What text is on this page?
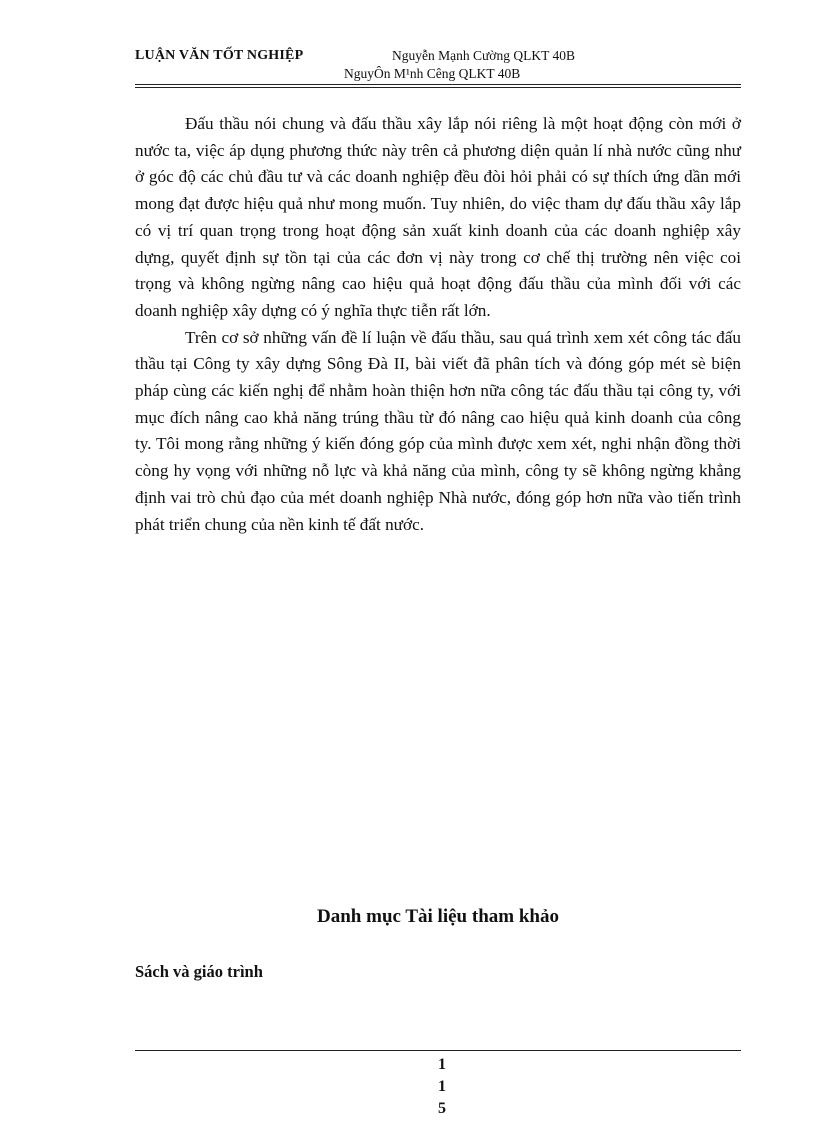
LUẬN VĂN TỐT NGHIỆP	Nguyễn Mạnh Cường QLKT 40B
NguyÔn M¹nh Cêng QLKT 40B

Đấu thầu nói chung và đấu thầu xây lắp nói riêng là một hoạt động còn mới ở nước ta, việc áp dụng phương thức này trên cả phương diện quản lí nhà nước cũng như ở góc độ các chủ đầu tư và các doanh nghiệp đều đòi hỏi phải có sự thích ứng dần mới mong đạt được hiệu quả như mong muốn. Tuy nhiên, do việc tham dự đấu thầu xây lắp có vị trí quan trọng trong hoạt động sản xuất kinh doanh của các doanh nghiệp xây dựng, quyết định sự tồn tại của các đơn vị này trong cơ chế thị trường nên việc coi trọng và không ngừng nâng cao hiệu quả hoạt động đấu thầu của mình đối với các doanh nghiệp xây dựng có ý nghĩa thực tiễn rất lớn.

Trên cơ sở những vấn đề lí luận về đấu thầu, sau quá trình xem xét công tác đấu thầu tại Công ty xây dựng Sông Đà II, bài viết đã phân tích và đóng góp mét sè biện pháp cùng các kiến nghị để nhằm hoàn thiện hơn nữa công tác đấu thầu tại công ty, với mục đích nâng cao khả năng trúng thầu từ đó nâng cao hiệu quả kinh doanh của công ty. Tôi mong rằng những ý kiến đóng góp của mình được xem xét, nghi nhận đồng thời còng hy vọng với những nỗ lực và khả năng của mình, công ty sẽ không ngừng khẳng định vai trò chủ đạo của mét doanh nghiệp Nhà nước, đóng góp hơn nữa vào tiến trình phát triển chung của nền kinh tế đất nước.

Danh mục Tài liệu tham khảo
Sách và giáo trình
1
1
5
